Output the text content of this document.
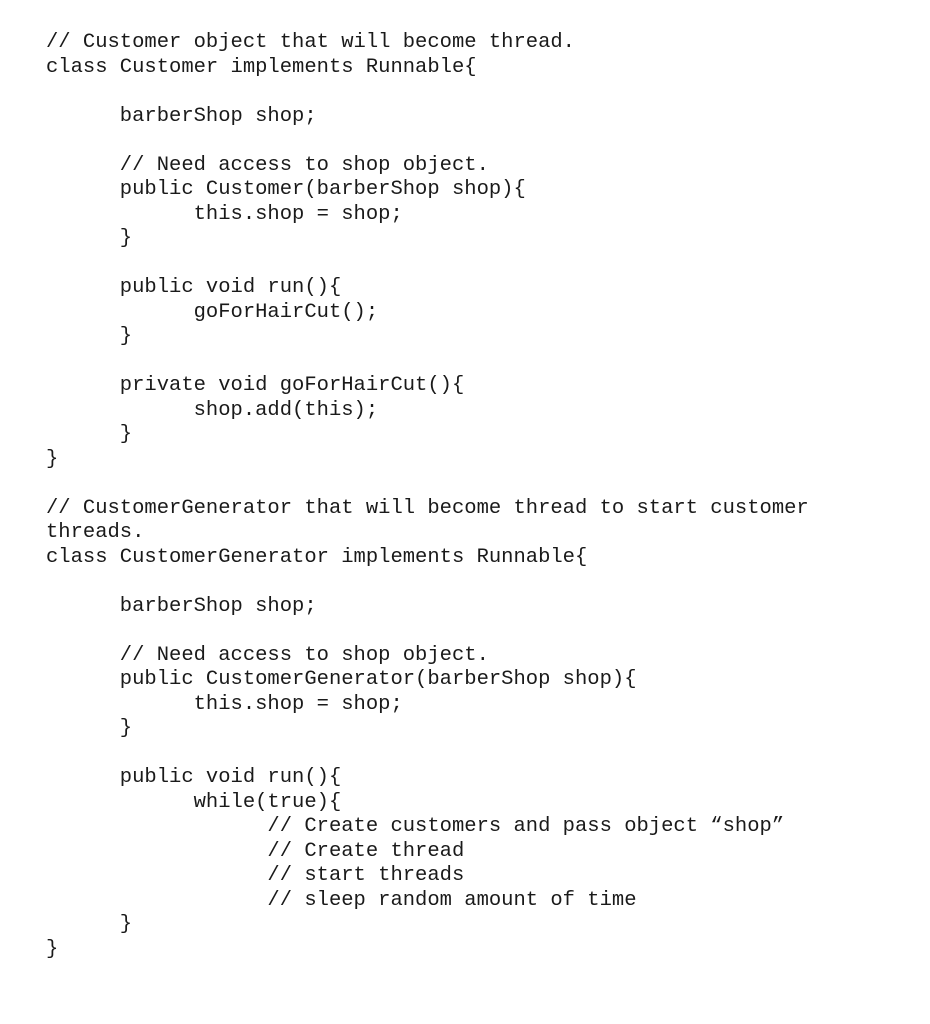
// Customer object that will become thread.
class Customer implements Runnable{
barberShop shop;
// Need access to shop object.
public Customer(barberShop shop){
this.shop = shop;
}
public void run(){
goForHairCut();
}
private void goForHairCut(){
shop.add(this);
}
}
// CustomerGenerator that will become thread to start customer
threads.
class CustomerGenerator implements Runnable{
barberShop shop;
// Need access to shop object.
public CustomerGenerator(barberShop shop){
this.shop = shop;
}
public void run(){
while(true){
// Create customers and pass object “shop”
// Create thread
// start threads
// sleep random amount of time
}
}
